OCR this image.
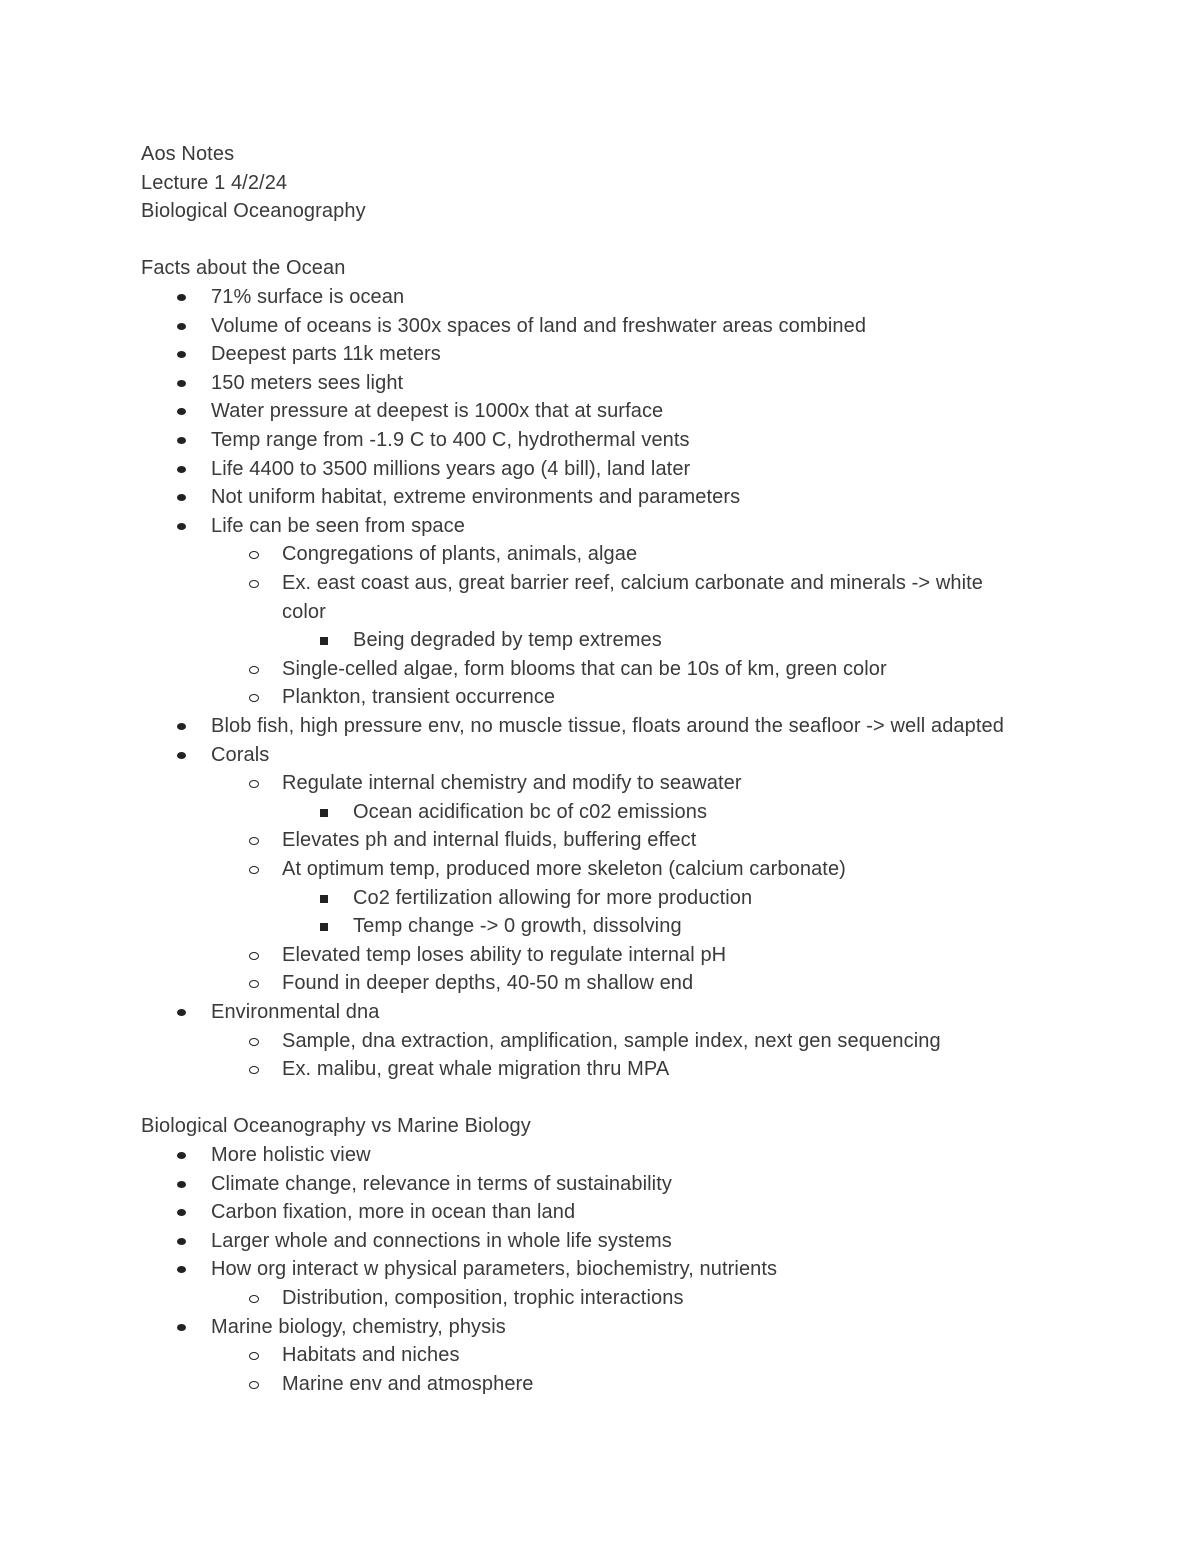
Aos Notes
Lecture 1 4/2/24
Biological Oceanography
Facts about the Ocean
71% surface is ocean
Volume of oceans is 300x spaces of land and freshwater areas combined
Deepest parts 11k meters
150 meters sees light
Water pressure at deepest is 1000x that at surface
Temp range from -1.9 C to 400 C, hydrothermal vents
Life 4400 to 3500 millions years ago (4 bill), land later
Not uniform habitat, extreme environments and parameters
Life can be seen from space
Congregations of plants, animals, algae
Ex. east coast aus, great barrier reef, calcium carbonate and minerals -> white
color
Being degraded by temp extremes
Single-celled algae, form blooms that can be 10s of km, green color
Plankton, transient occurrence
Blob fish, high pressure env, no muscle tissue, floats around the seafloor -> well adapted
Corals
Regulate internal chemistry and modify to seawater
Ocean acidification bc of c02 emissions
Elevates ph and internal fluids, buffering effect
At optimum temp, produced more skeleton (calcium carbonate)
Co2 fertilization allowing for more production
Temp change -> 0 growth, dissolving
Elevated temp loses ability to regulate internal pH
Found in deeper depths, 40-50 m shallow end
Environmental dna
Sample, dna extraction, amplification, sample index, next gen sequencing
Ex. malibu, great whale migration thru MPA
Biological Oceanography vs Marine Biology
More holistic view
Climate change, relevance in terms of sustainability
Carbon fixation, more in ocean than land
Larger whole and connections in whole life systems
How org interact w physical parameters, biochemistry, nutrients
Distribution, composition, trophic interactions
Marine biology, chemistry, physis
Habitats and niches
Marine env and atmosphere
